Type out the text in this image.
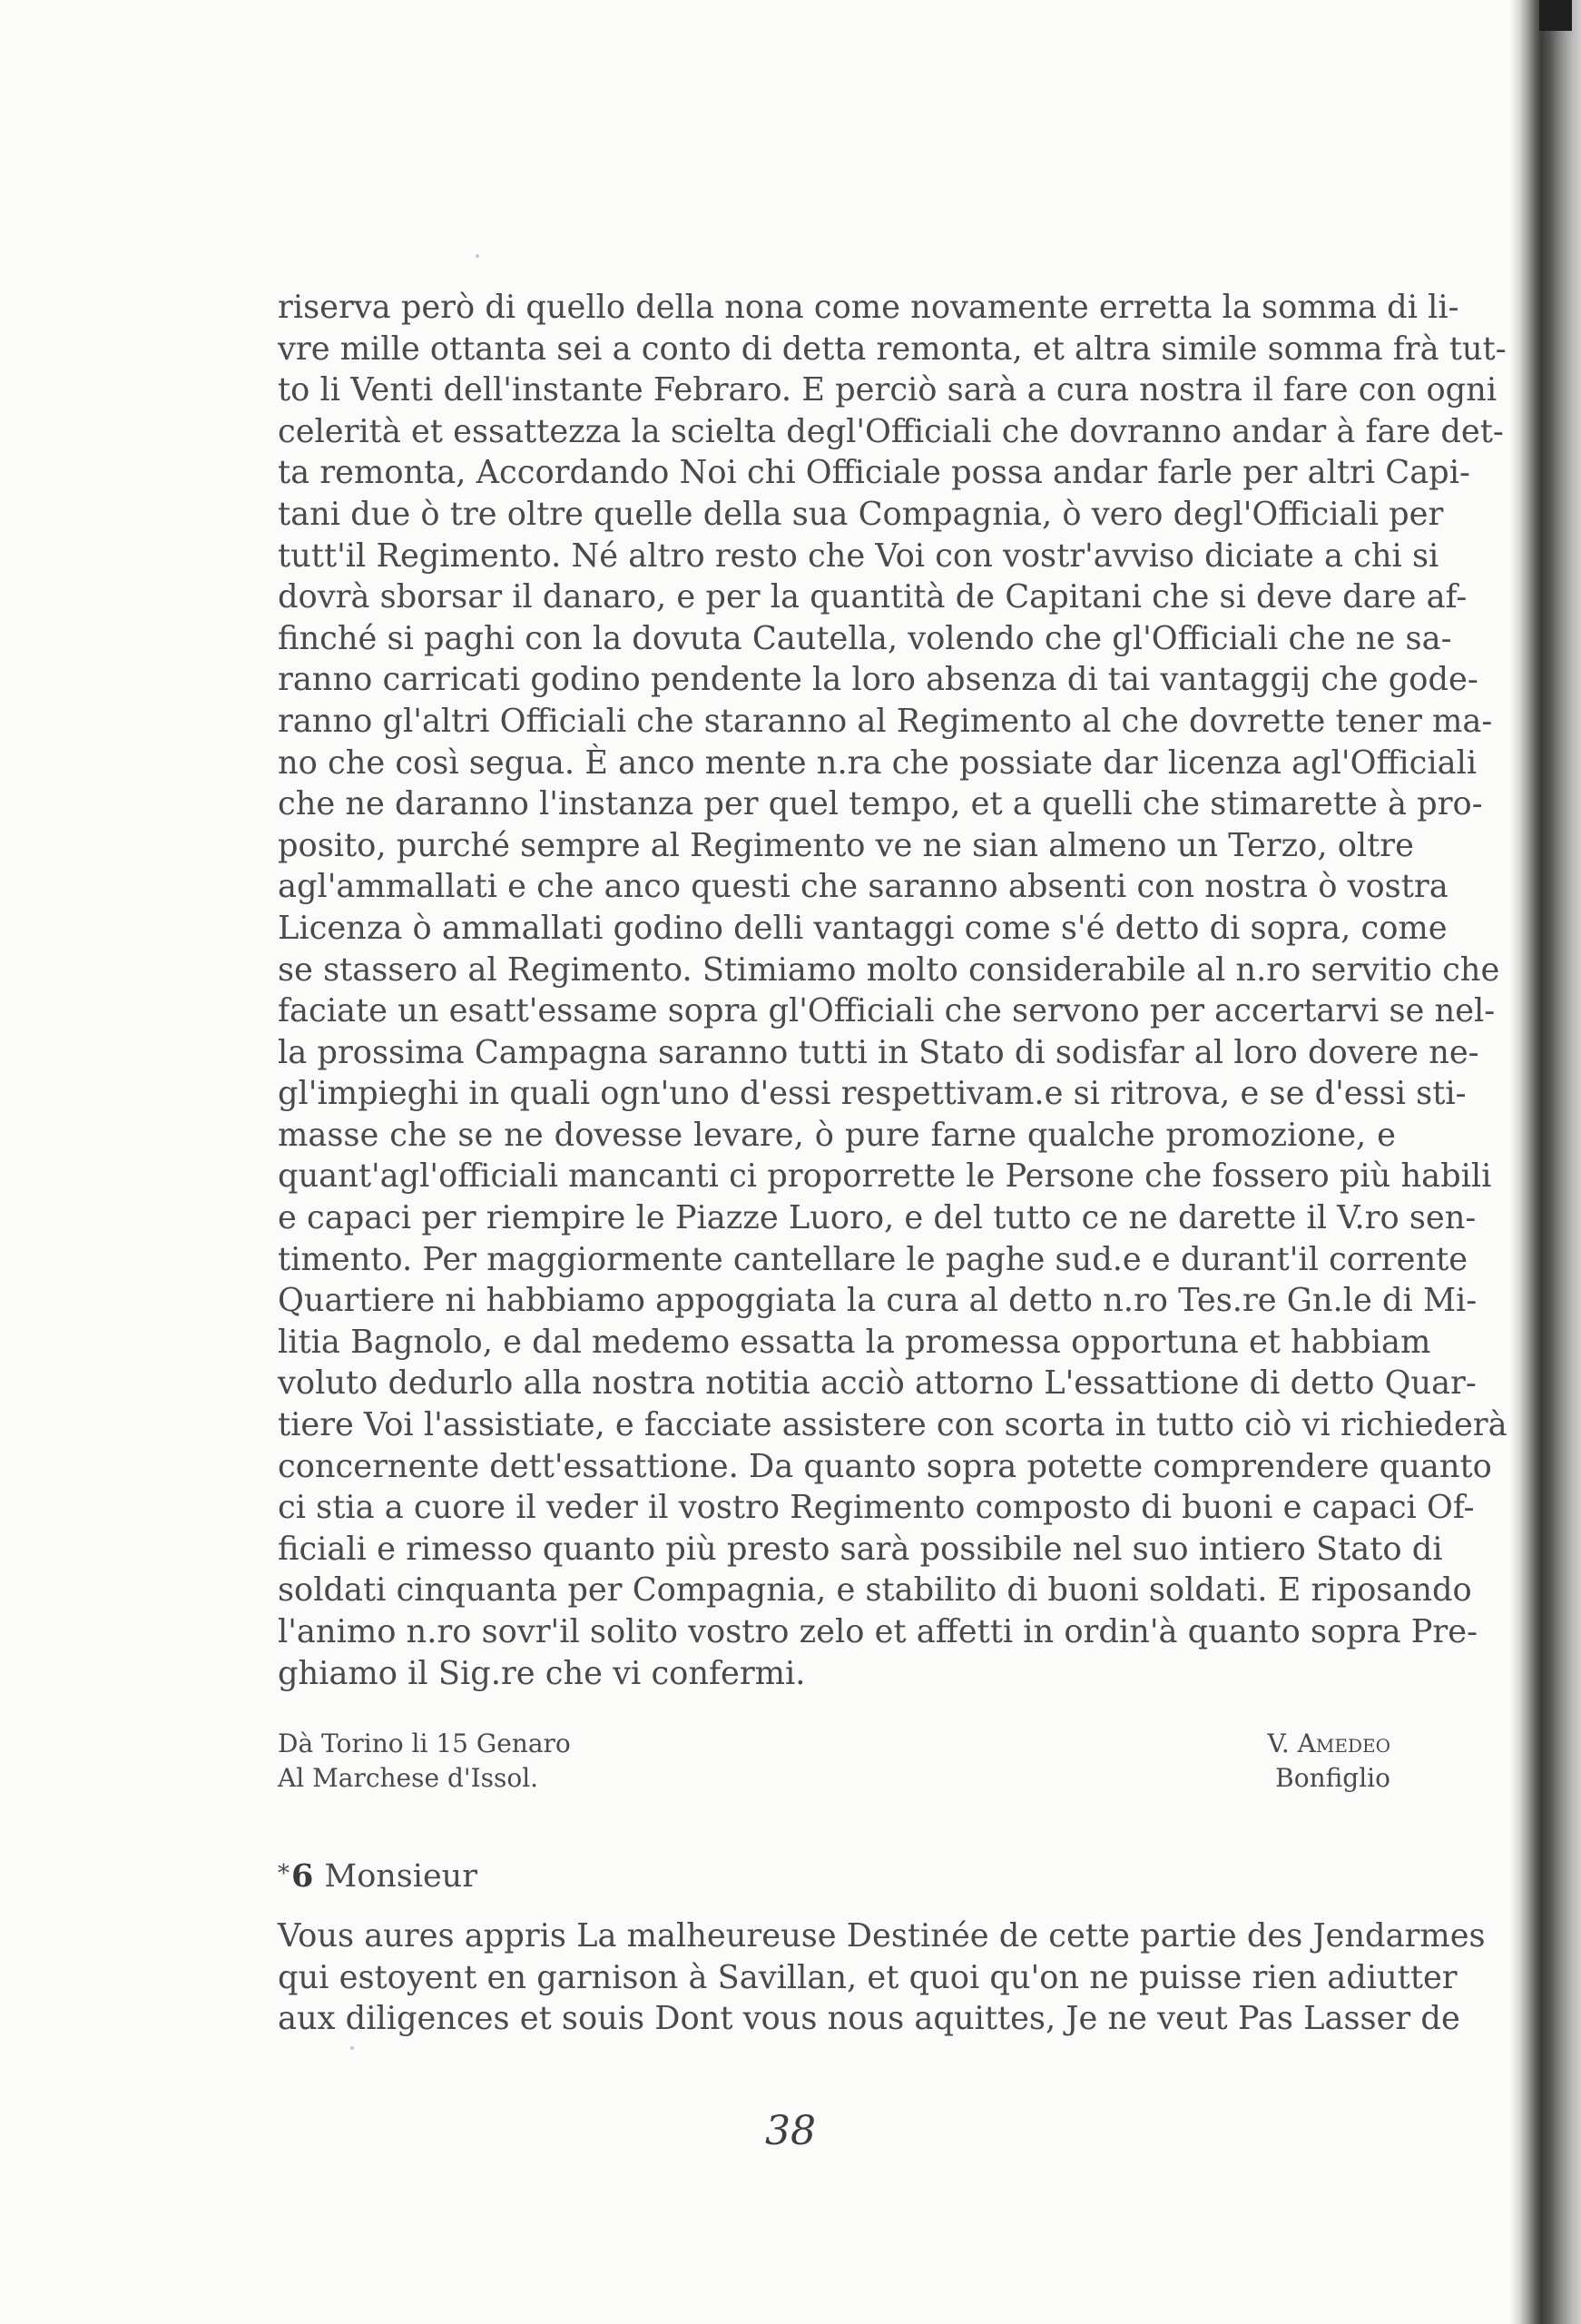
riserva però di quello della nona come novamente erretta la somma di li-
vre mille ottanta sei a conto di detta remonta, et altra simile somma frà tut-
to li Venti dell'instante Febraro. E perciò sarà a cura nostra il fare con ogni
celerità et essattezza la scielta degl'Officiali che dovranno andar à fare det-
ta remonta, Accordando Noi chi Officiale possa andar farle per altri Capi-
tani due ò tre oltre quelle della sua Compagnia, ò vero degl'Officiali per
tutt'il Regimento. Né altro resto che Voi con vostr'avviso diciate a chi si
dovrà sborsar il danaro, e per la quantità de Capitani che si deve dare af-
finché si paghi con la dovuta Cautella, volendo che gl'Officiali che ne sa-
ranno carricati godino pendente la loro absenza di tai vantaggij che gode-
ranno gl'altri Officiali che staranno al Regimento al che dovrette tener ma-
no che così segua. È anco mente n.ra che possiate dar licenza agl'Officiali
che ne daranno l'instanza per quel tempo, et a quelli che stimarette à pro-
posito, purché sempre al Regimento ve ne sian almeno un Terzo, oltre
agl'ammallati e che anco questi che saranno absenti con nostra ò vostra
Licenza ò ammallati godino delli vantaggi come s'é detto di sopra, come
se stassero al Regimento. Stimiamo molto considerabile al n.ro servitio che
faciate un esatt'essame sopra gl'Officiali che servono per accertarvi se nel-
la prossima Campagna saranno tutti in Stato di sodisfar al loro dovere ne-
gl'impieghi in quali ogn'uno d'essi respettivam.e si ritrova, e se d'essi sti-
masse che se ne dovesse levare, ò pure farne qualche promozione, e
quant'agl'officiali mancanti ci proporrette le Persone che fossero più habili
e capaci per riempire le Piazze Luoro, e del tutto ce ne darette il V.ro sen-
timento. Per maggiormente cantellare le paghe sud.e e durant'il corrente
Quartiere ni habbiamo appoggiata la cura al detto n.ro Tes.re Gn.le di Mi-
litia Bagnolo, e dal medemo essatta la promessa opportuna et habbiam
voluto dedurlo alla nostra notitia acciò attorno L'essattione di detto Quar-
tiere Voi l'assistiate, e facciate assistere con scorta in tutto ciò vi richiederà
concernente dett'essattione. Da quanto sopra potette comprendere quanto
ci stia a cuore il veder il vostro Regimento composto di buoni e capaci Of-
ficiali e rimesso quanto più presto sarà possibile nel suo intiero Stato di
soldati cinquanta per Compagnia, e stabilito di buoni soldati. E riposando
l'animo n.ro sovr'il solito vostro zelo et affetti in ordin'à quanto sopra Pre-
ghiamo il Sig.re che vi confermi.
Dà Torino li 15 Genaro
Al Marchese d'Issol.
V. Amedeo
Bonfiglio
*6 Monsieur
Vous aures appris La malheureuse Destinée de cette partie des Jendarmes
qui estoyent en garnison à Savillan, et quoi qu'on ne puisse rien adiutter
aux diligences et souis Dont vous nous aquittes, Je ne veut Pas Lasser de
38
